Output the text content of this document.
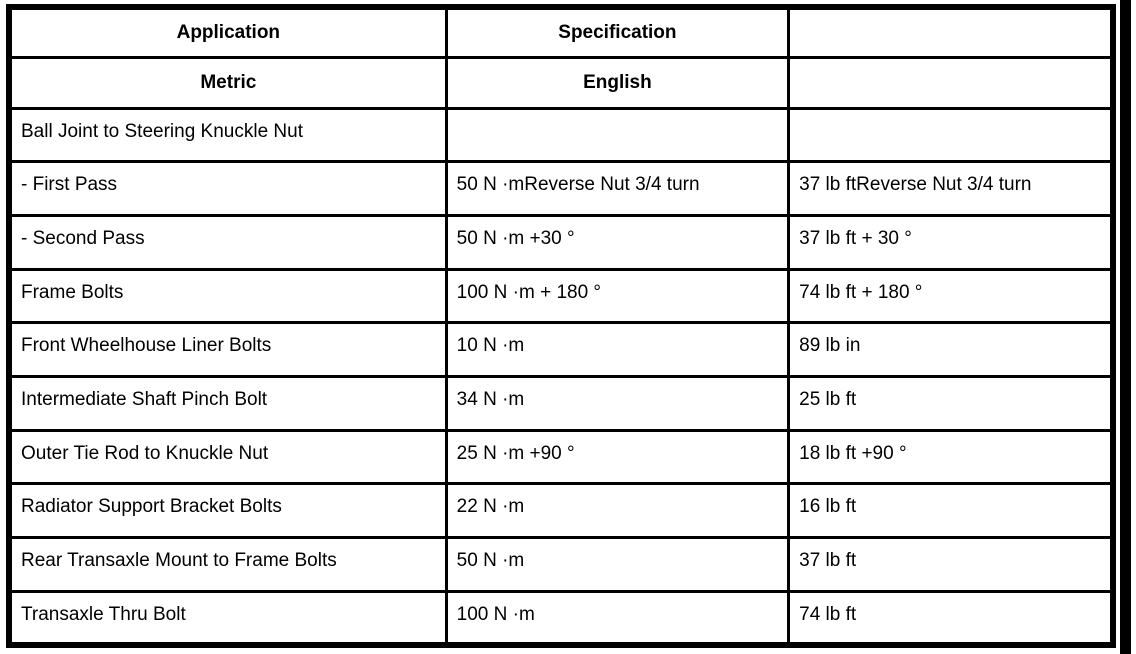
Application	Specification	
Metric	English	
Ball Joint to Steering Knuckle Nut		
- First Pass	50 N ·mReverse Nut 3/4 turn	37 lb ftReverse Nut 3/4 turn
- Second Pass	50 N ·m +30 °	37 lb ft + 30 °
Frame Bolts	100 N ·m + 180 °	74 lb ft + 180 °
Front Wheelhouse Liner Bolts	10 N ·m	89 lb in
Intermediate Shaft Pinch Bolt	34 N ·m	25 lb ft
Outer Tie Rod to Knuckle Nut	25 N ·m +90 °	18 lb ft +90 °
Radiator Support Bracket Bolts	22 N ·m	16 lb ft
Rear Transaxle Mount to Frame Bolts	50 N ·m	37 lb ft
Transaxle Thru Bolt	100 N ·m	74 lb ft
